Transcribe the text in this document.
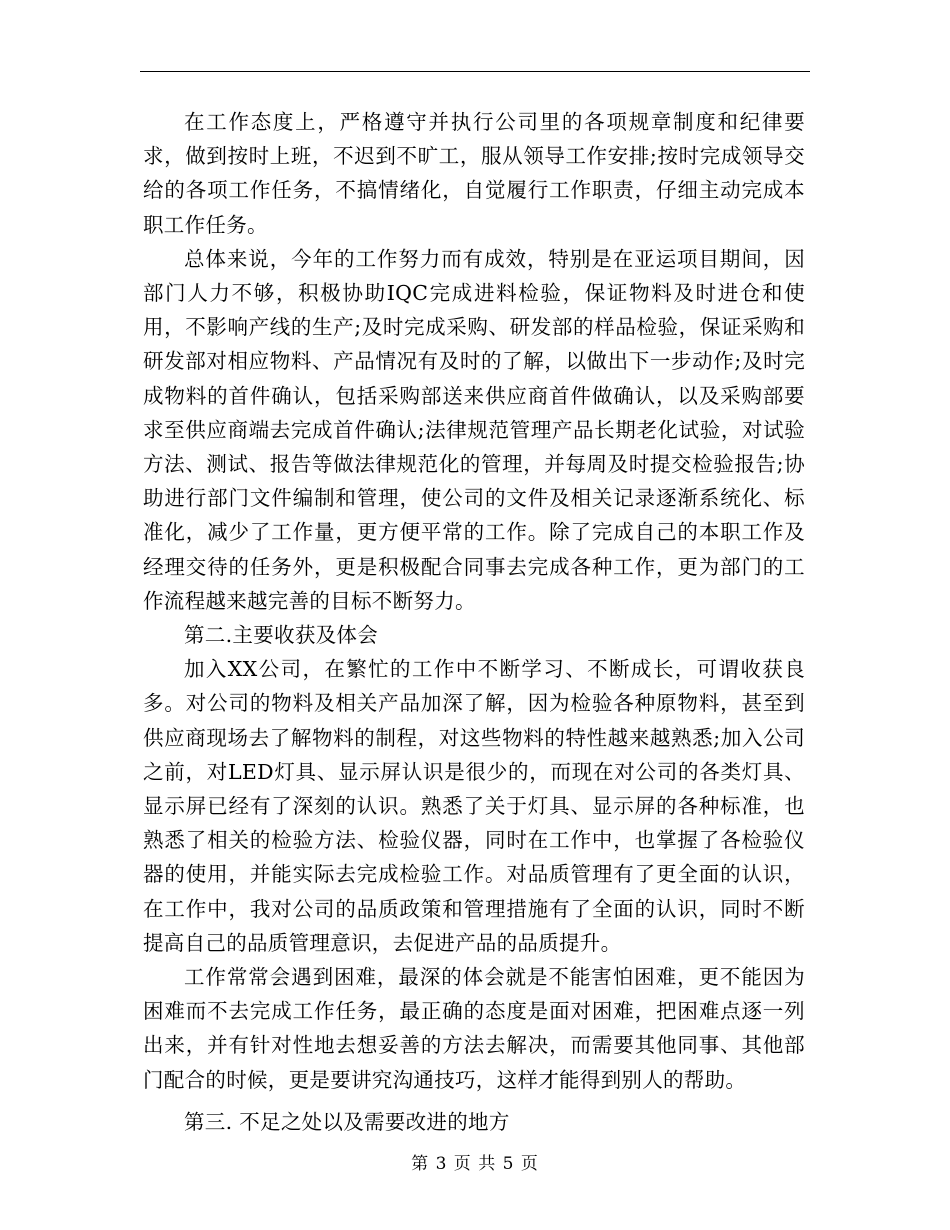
在工作态度上，严格遵守并执行公司里的各项规章制度和纪律要求，做到按时上班，不迟到不旷工，服从领导工作安排;按时完成领导交给的各项工作任务，不搞情绪化，自觉履行工作职责，仔细主动完成本职工作任务。

总体来说，今年的工作努力而有成效，特别是在亚运项目期间，因部门人力不够，积极协助IQC完成进料检验，保证物料及时进仓和使用，不影响产线的生产;及时完成采购、研发部的样品检验，保证采购和研发部对相应物料、产品情况有及时的了解，以做出下一步动作;及时完成物料的首件确认，包括采购部送来供应商首件做确认，以及采购部要求至供应商端去完成首件确认;法律规范管理产品长期老化试验，对试验方法、测试、报告等做法律规范化的管理，并每周及时提交检验报告;协助进行部门文件编制和管理，使公司的文件及相关记录逐渐系统化、标准化，减少了工作量，更方便平常的工作。除了完成自己的本职工作及经理交待的任务外，更是积极配合同事去完成各种工作，更为部门的工作流程越来越完善的目标不断努力。

第二.主要收获及体会

加入XX公司，在繁忙的工作中不断学习、不断成长，可谓收获良多。对公司的物料及相关产品加深了解，因为检验各种原物料，甚至到供应商现场去了解物料的制程，对这些物料的特性越来越熟悉;加入公司之前，对LED灯具、显示屏认识是很少的，而现在对公司的各类灯具、显示屏已经有了深刻的认识。熟悉了关于灯具、显示屏的各种标准，也熟悉了相关的检验方法、检验仪器，同时在工作中，也掌握了各检验仪器的使用，并能实际去完成检验工作。对品质管理有了更全面的认识，在工作中，我对公司的品质政策和管理措施有了全面的认识，同时不断提高自己的品质管理意识，去促进产品的品质提升。

工作常常会遇到困难，最深的体会就是不能害怕困难，更不能因为困难而不去完成工作任务，最正确的态度是面对困难，把困难点逐一列出来，并有针对性地去想妥善的方法去解决，而需要其他同事、其他部门配合的时候，更是要讲究沟通技巧，这样才能得到别人的帮助。

第三. 不足之处以及需要改进的地方

第 3 页 共 5 页
